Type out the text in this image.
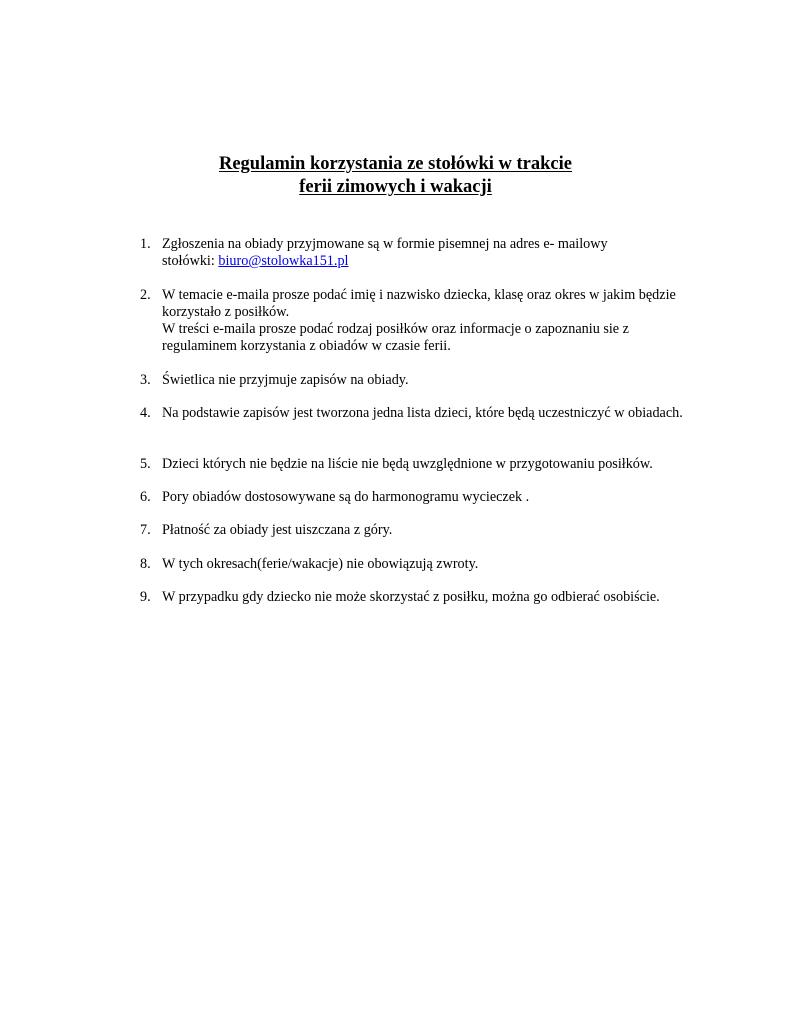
Regulamin korzystania ze stołówki w trakcie
ferii zimowych i wakacji
1. Zgłoszenia na obiady przyjmowane są w formie pisemnej na adres e- mailowy

stołówki: biuro@stolowka151.pl

2. W temacie e-maila prosze podać imię i nazwisko dziecka, klasę oraz okres w jakim będzie korzystało z posiłków.

W treści e-maila prosze podać rodzaj posiłków oraz informacje o zapoznaniu sie z regulaminem korzystania z obiadów w czasie ferii.

3. Świetlica nie przyjmuje zapisów na obiady.
4. Na podstawie zapisów jest tworzona jedna lista dzieci, które będą uczestniczyć w obiadach.
5. Dzieci których nie będzie na liście nie będą uwzględnione w przygotowaniu posiłków.
6. Pory obiadów dostosowywane są do harmonogramu wycieczek .
7. Płatność za obiady jest uiszczana z góry.
8. W tych okresach(ferie/wakacje) nie obowiązują zwroty.
9. W przypadku gdy dziecko nie może skorzystać z posiłku, można go odbierać osobiście.
